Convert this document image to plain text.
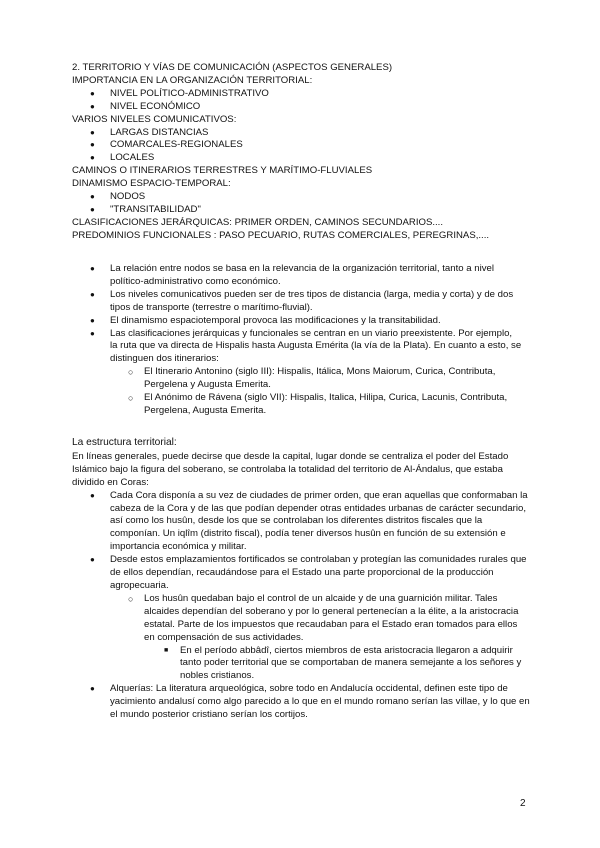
2. TERRITORIO Y VÍAS DE COMUNICACIÓN (ASPECTOS GENERALES)
IMPORTANCIA EN LA ORGANIZACIÓN TERRITORIAL:
● NIVEL POLÍTICO-ADMINISTRATIVO
● NIVEL ECONÓMICO
VARIOS NIVELES COMUNICATIVOS:
● LARGAS DISTANCIAS
● COMARCALES-REGIONALES
● LOCALES
CAMINOS O ITINERARIOS TERRESTRES Y MARÍTIMO-FLUVIALES
DINAMISMO ESPACIO-TEMPORAL:
● NODOS
● "TRANSITABILIDAD"
CLASIFICACIONES JERÁRQUICAS: PRIMER ORDEN, CAMINOS SECUNDARIOS....
PREDOMINIOS FUNCIONALES : PASO PECUARIO, RUTAS COMERCIALES, PEREGRINAS,....
● La relación entre nodos se basa en la relevancia de la organización territorial, tanto a nivel
político-administrativo como económico.
● Los niveles comunicativos pueden ser de tres tipos de distancia (larga, media y corta) y de dos
tipos de transporte (terrestre o marítimo-fluvial).
● El dinamismo espaciotemporal provoca las modificaciones y la transitabilidad.
● Las clasificaciones jerárquicas y funcionales se centran en un viario preexistente. Por ejemplo,
la ruta que va directa de Hispalis hasta Augusta Emérita (la vía de la Plata). En cuanto a esto, se
distinguen dos itinerarios:
○ El Itinerario Antonino (siglo III): Hispalis, Itálica, Mons Maiorum, Curica, Contributa,
Pergelena y Augusta Emerita.
○ El Anónimo de Rávena (siglo VII): Hispalis, Italica, Hilipa, Curica, Lacunis, Contributa,
Pergelena, Augusta Emerita.
La estructura territorial:
En líneas generales, puede decirse que desde la capital, lugar donde se centraliza el poder del Estado
Islámico bajo la figura del soberano, se controlaba la totalidad del territorio de Al-Ándalus, que estaba
dividido en Coras:
● Cada Cora disponía a su vez de ciudades de primer orden, que eran aquellas que conformaban la
cabeza de la Cora y de las que podían depender otras entidades urbanas de carácter secundario,
así como los husûn, desde los que se controlaban los diferentes distritos fiscales que la
componían. Un iqlîm (distrito fiscal), podía tener diversos husûn en función de su extensión e
importancia económica y militar.
● Desde estos emplazamientos fortificados se controlaban y protegían las comunidades rurales que
de ellos dependían, recaudándose para el Estado una parte proporcional de la producción
agropecuaria.
○ Los husûn quedaban bajo el control de un alcaide y de una guarnición militar. Tales
alcaides dependían del soberano y por lo general pertenecían a la élite, a la aristocracia
estatal. Parte de los impuestos que recaudaban para el Estado eran tomados para ellos
en compensación de sus actividades.
■ En el período abbâdî, ciertos miembros de esta aristocracia llegaron a adquirir
tanto poder territorial que se comportaban de manera semejante a los señores y
nobles cristianos.
● Alquerías: La literatura arqueológica, sobre todo en Andalucía occidental, definen este tipo de
yacimiento andalusí como algo parecido a lo que en el mundo romano serían las villae, y lo que en
el mundo posterior cristiano serían los cortijos.
2
